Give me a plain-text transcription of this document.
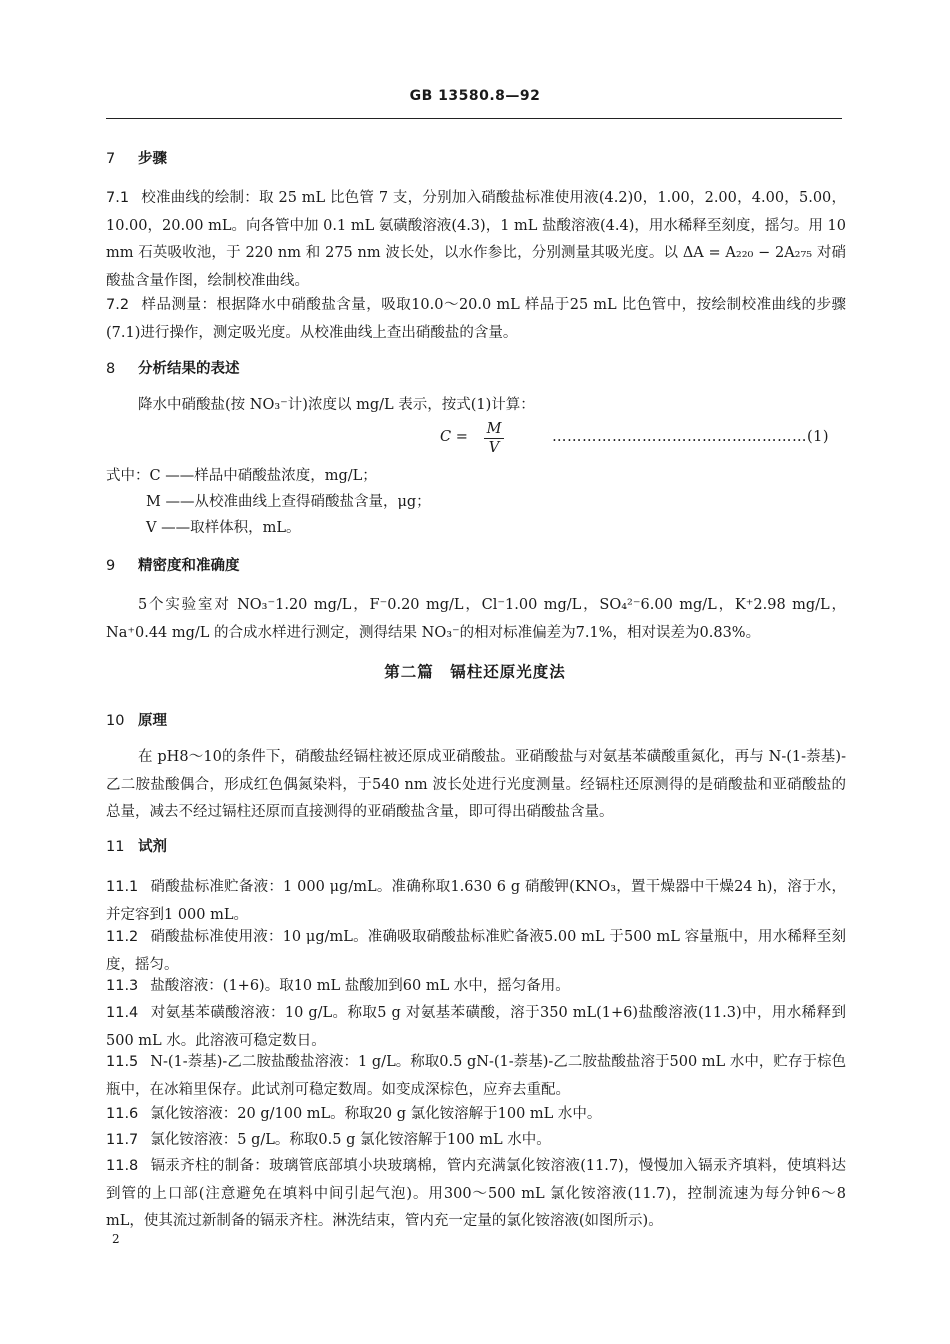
GB 13580.8—92
7 步骤
7.1 校准曲线的绘制：取 25 mL 比色管 7 支，分别加入硝酸盐标准使用液(4.2)0，1.00，2.00，4.00，5.00，10.00，20.00 mL。向各管中加 0.1 mL 氨磺酸溶液(4.3)，1 mL 盐酸溶液(4.4)，用水稀释至刻度，摇匀。用 10 mm 石英吸收池，于 220 nm 和 275 nm 波长处，以水作参比，分别测量其吸光度。以 ΔA = A₂₂₀ − 2A₂₇₅ 对硝酸盐含量作图，绘制校准曲线。
7.2 样品测量：根据降水中硝酸盐含量，吸取10.0～20.0 mL 样品于25 mL 比色管中，按绘制校准曲线的步骤(7.1)进行操作，测定吸光度。从校准曲线上查出硝酸盐的含量。
8 分析结果的表述
降水中硝酸盐(按 NO₃⁻计)浓度以 mg/L 表示，按式(1)计算：
$C = \frac{M}{V}$	……………………………………………(1)
式中：C ——样品中硝酸盐浓度，mg/L；
M ——从校准曲线上查得硝酸盐含量，μg；
V ——取样体积，mL。
9 精密度和准确度
5个实验室对 NO₃⁻1.20 mg/L，F⁻0.20 mg/L，Cl⁻1.00 mg/L，SO₄²⁻6.00 mg/L，K⁺2.98 mg/L，Na⁺0.44 mg/L 的合成水样进行测定，测得结果 NO₃⁻的相对标准偏差为7.1%，相对误差为0.83%。
第二篇　镉柱还原光度法
10 原理
在 pH8～10的条件下，硝酸盐经镉柱被还原成亚硝酸盐。亚硝酸盐与对氨基苯磺酸重氮化，再与 N-(1-萘基)-乙二胺盐酸偶合，形成红色偶氮染料，于540 nm 波长处进行光度测量。经镉柱还原测得的是硝酸盐和亚硝酸盐的总量，减去不经过镉柱还原而直接测得的亚硝酸盐含量，即可得出硝酸盐含量。
11 试剂
11.1 硝酸盐标准贮备液：1 000 μg/mL。准确称取1.630 6 g 硝酸钾(KNO₃，置干燥器中干燥24 h)，溶于水，并定容到1 000 mL。
11.2 硝酸盐标准使用液：10 μg/mL。准确吸取硝酸盐标准贮备液5.00 mL 于500 mL 容量瓶中，用水稀释至刻度，摇匀。
11.3 盐酸溶液：(1+6)。取10 mL 盐酸加到60 mL 水中，摇匀备用。
11.4 对氨基苯磺酸溶液：10 g/L。称取5 g 对氨基苯磺酸，溶于350 mL(1+6)盐酸溶液(11.3)中，用水稀释到500 mL 水。此溶液可稳定数日。
11.5 N-(1-萘基)-乙二胺盐酸盐溶液：1 g/L。称取0.5 gN-(1-萘基)-乙二胺盐酸盐溶于500 mL 水中，贮存于棕色瓶中，在冰箱里保存。此试剂可稳定数周。如变成深棕色，应弃去重配。
11.6 氯化铵溶液：20 g/100 mL。称取20 g 氯化铵溶解于100 mL 水中。
11.7 氯化铵溶液：5 g/L。称取0.5 g 氯化铵溶解于100 mL 水中。
11.8 镉汞齐柱的制备：玻璃管底部填小块玻璃棉，管内充满氯化铵溶液(11.7)，慢慢加入镉汞齐填料，使填料达到管的上口部(注意避免在填料中间引起气泡)。用300～500 mL 氯化铵溶液(11.7)，控制流速为每分钟6～8 mL，使其流过新制备的镉汞齐柱。淋洗结束，管内充一定量的氯化铵溶液(如图所示)。
2
